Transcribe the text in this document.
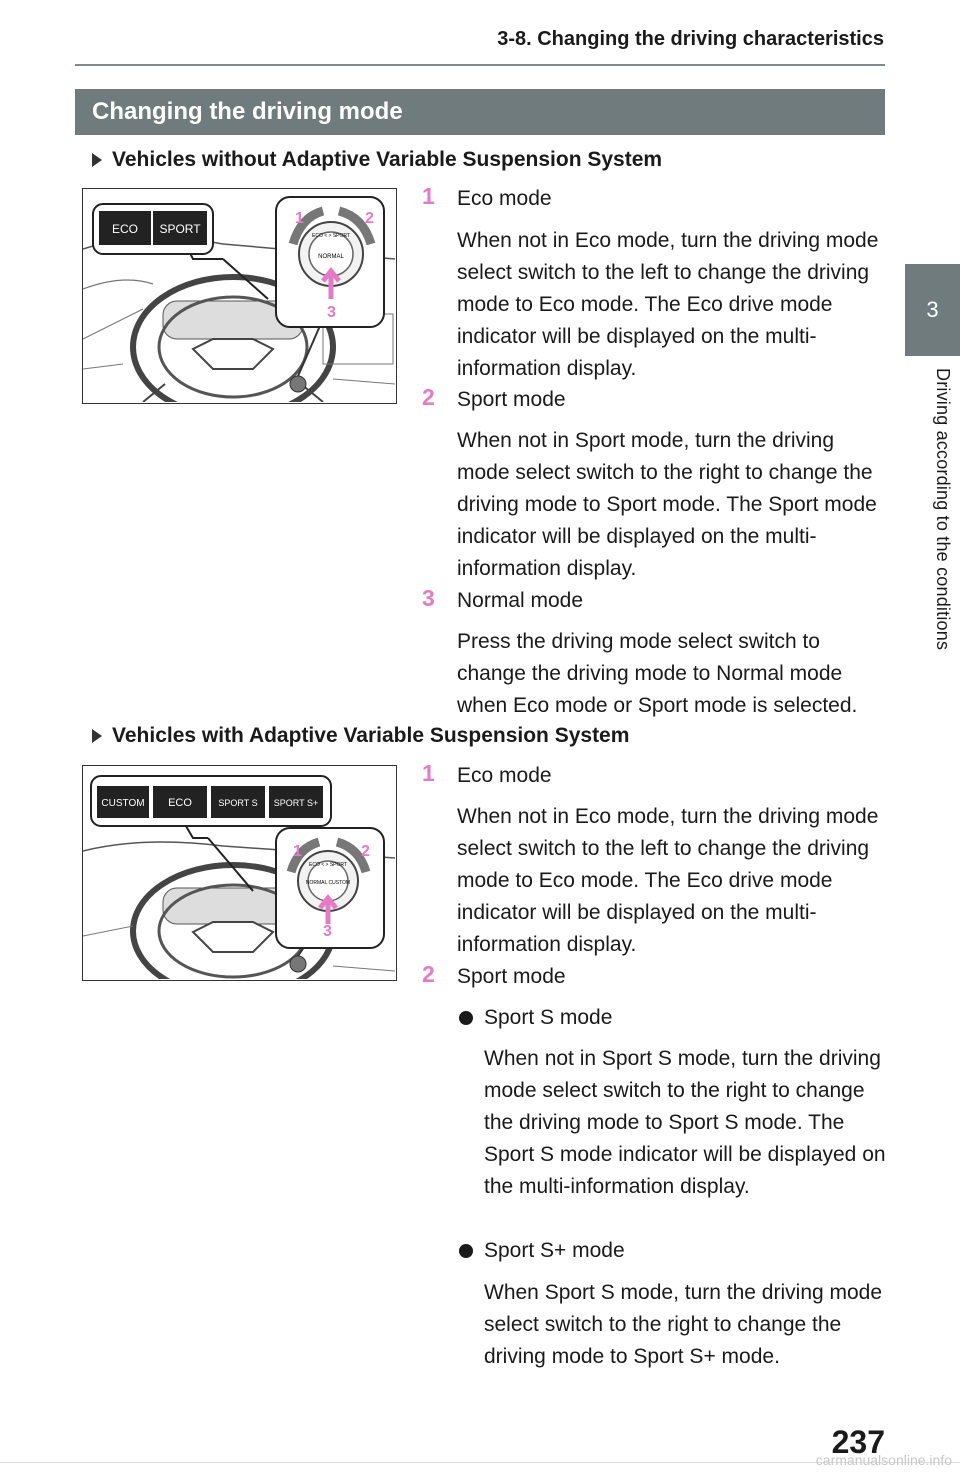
3-8. Changing the driving characteristics
3
Driving according to the conditions
Changing the driving mode
Vehicles without Adaptive Variable Suspension System
ECO SPORT
NORMAL
ECO < > SPORT
1	2
3
1 Eco mode
When not in Eco mode, turn the driving mode select switch to the left to change the driving mode to Eco mode. The Eco drive mode indicator will be displayed on the multi-information display.
2 Sport mode
When not in Sport mode, turn the driving mode select switch to the right to change the driving mode to Sport mode. The Sport mode indicator will be displayed on the multi-information display.
3 Normal mode
Press the driving mode select switch to change the driving mode to Normal mode when Eco mode or Sport mode is selected.
Vehicles with Adaptive Variable Suspension System
CUSTOM ECO	SPORT S SPORT S+
NORMAL CUSTOM
ECO < > SPORT
1	2
3
1 Eco mode
When not in Eco mode, turn the driving mode select switch to the left to change the driving mode to Eco mode. The Eco drive mode indicator will be displayed on the multi-information display.
2 Sport mode
Sport S mode
When not in Sport S mode, turn the driving mode select switch to the right to change the driving mode to Sport S mode. The Sport S mode indicator will be displayed on the multi-information display.
Sport S+ mode
When Sport S mode, turn the driving mode select switch to the right to change the driving mode to Sport S+ mode.
237
carmanualsonline.info
